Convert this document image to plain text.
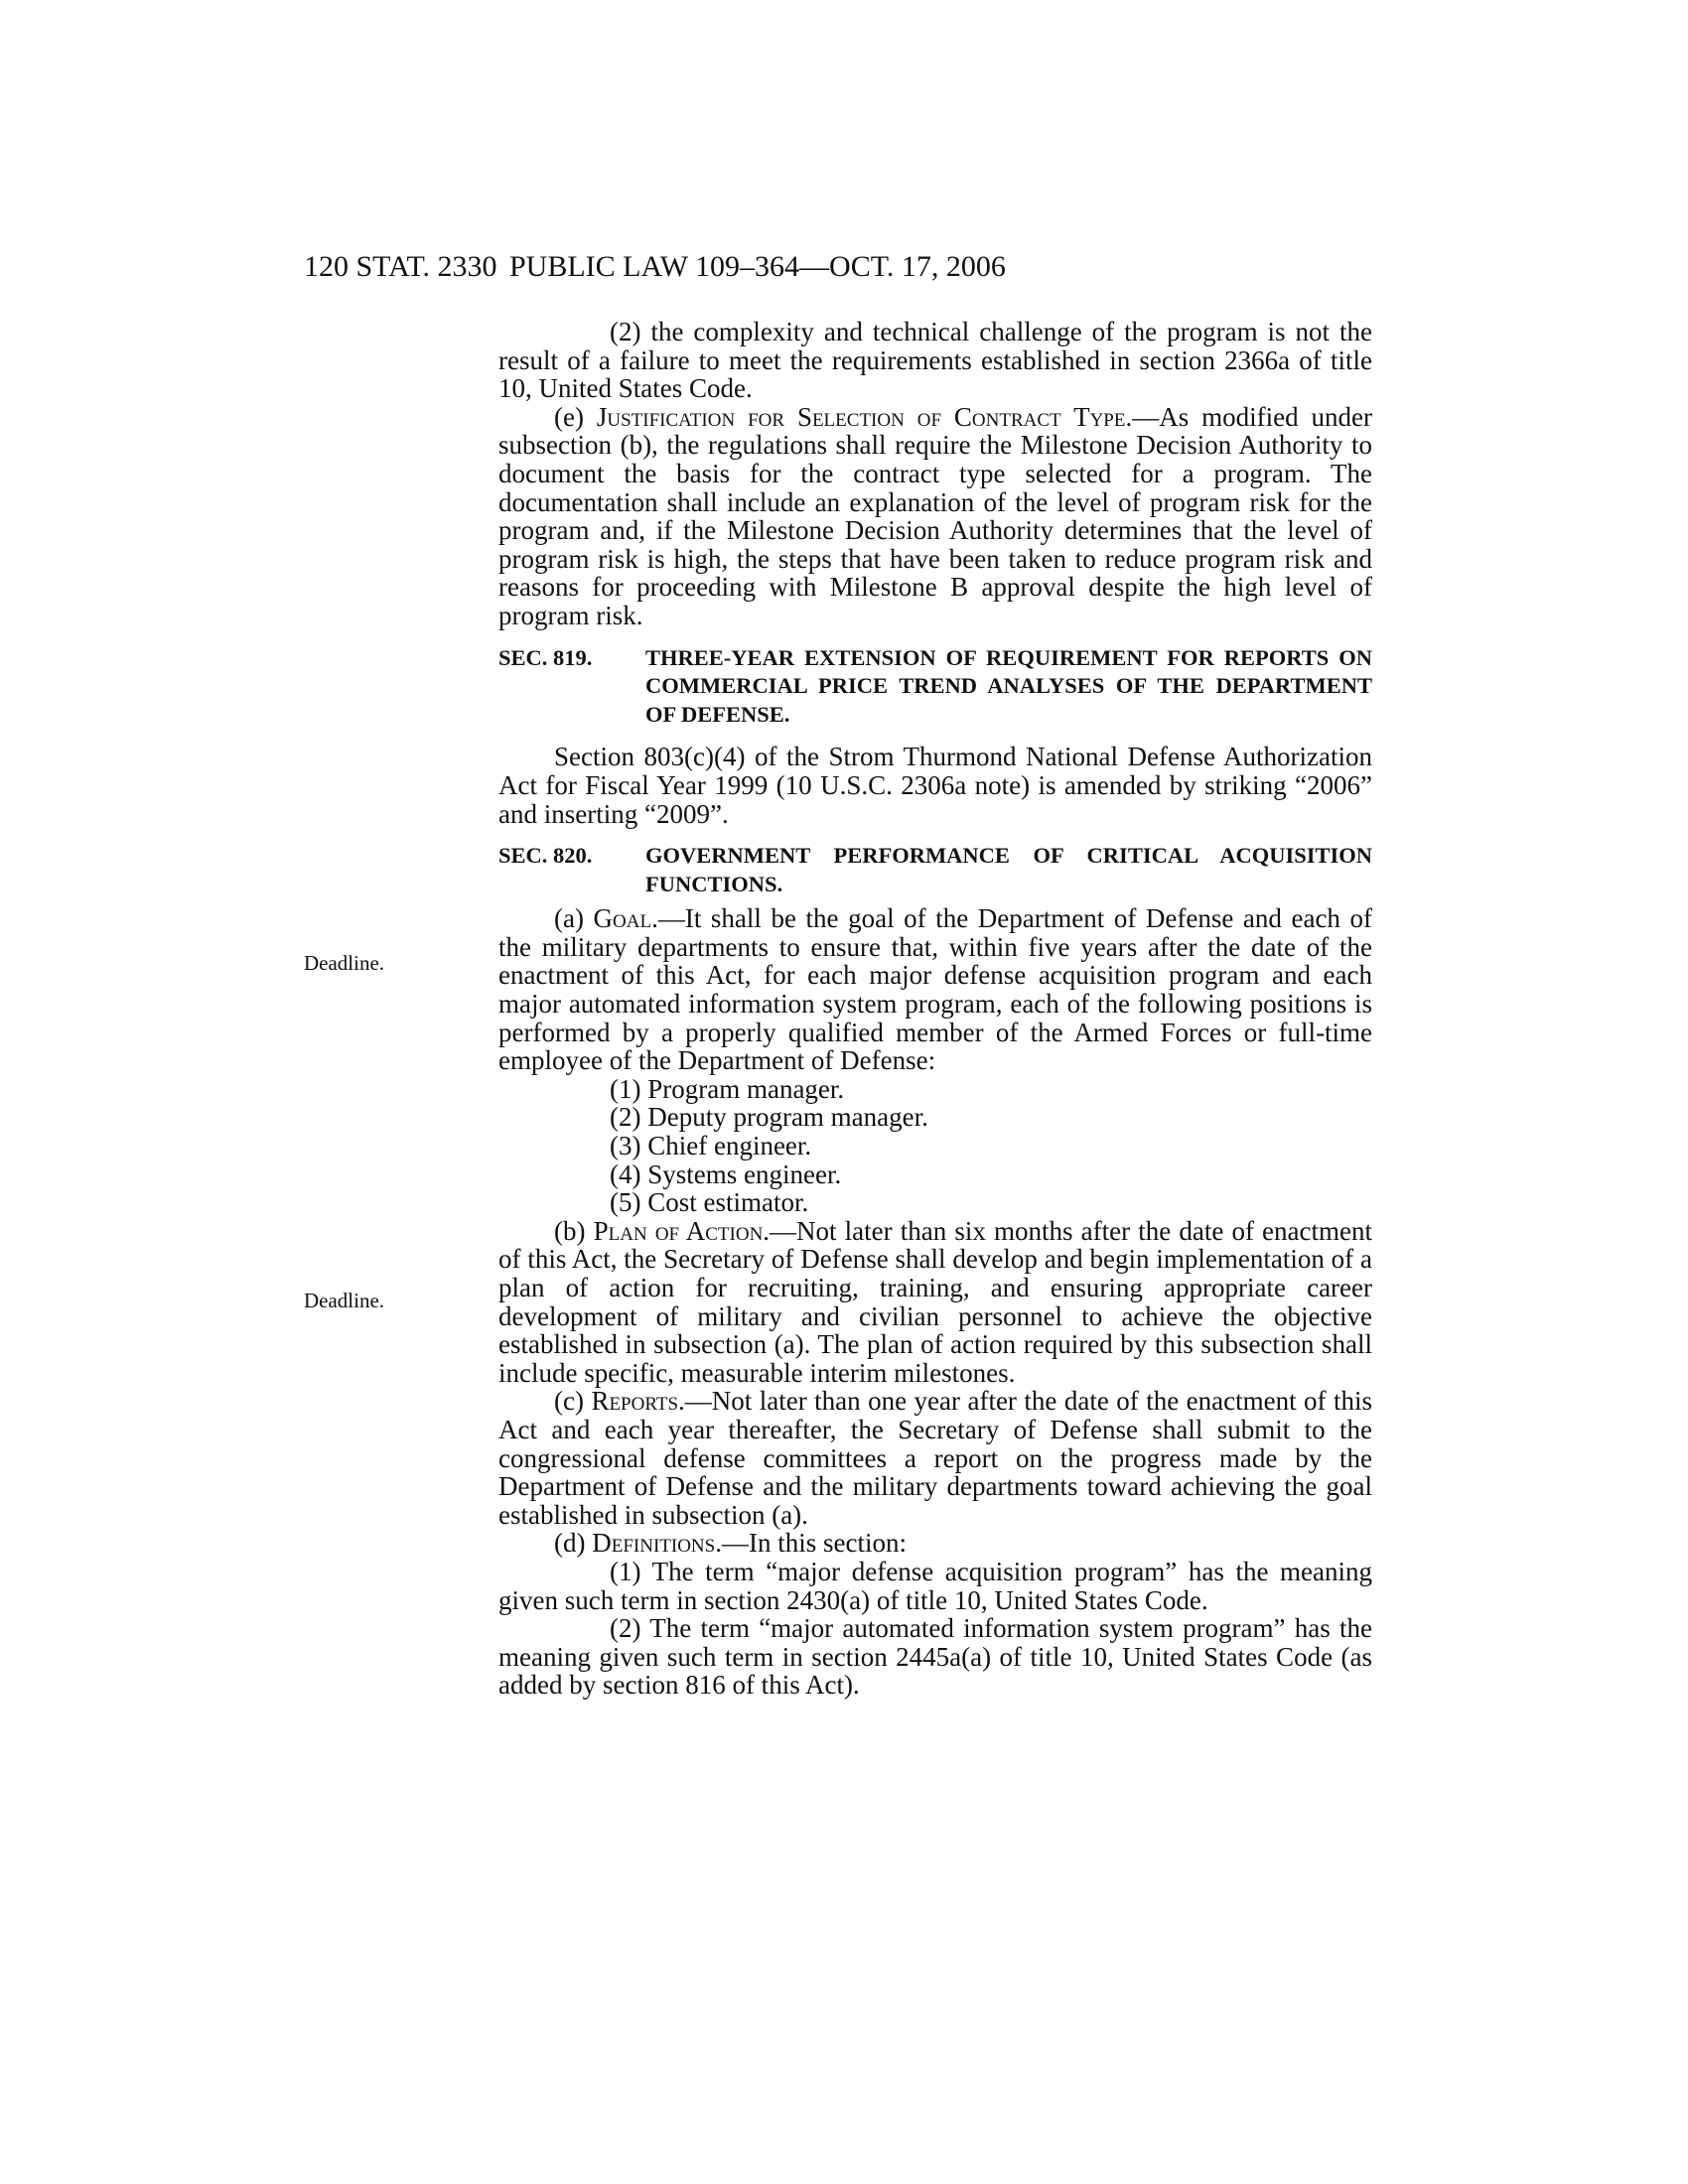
120 STAT. 2330 PUBLIC LAW 109–364—OCT. 17, 2006
Deadline.
Deadline.

(2) the complexity and technical challenge of the program is not the result of a failure to meet the requirements established in section 2366a of title 10, United States Code.

(e) Justification for Selection of Contract Type.—As modified under subsection (b), the regulations shall require the Milestone Decision Authority to document the basis for the contract type selected for a program. The documentation shall include an explanation of the level of program risk for the program and, if the Milestone Decision Authority determines that the level of program risk is high, the steps that have been taken to reduce program risk and reasons for proceeding with Milestone B approval despite the high level of program risk.

SEC. 819. THREE-YEAR EXTENSION OF REQUIREMENT FOR REPORTS ON COMMERCIAL PRICE TREND ANALYSES OF THE DEPARTMENT OF DEFENSE.

Section 803(c)(4) of the Strom Thurmond National Defense Authorization Act for Fiscal Year 1999 (10 U.S.C. 2306a note) is amended by striking “2006” and inserting “2009”.

SEC. 820. GOVERNMENT PERFORMANCE OF CRITICAL ACQUISITION FUNCTIONS.

(a) Goal.—It shall be the goal of the Department of Defense and each of the military departments to ensure that, within five years after the date of the enactment of this Act, for each major defense acquisition program and each major automated information system program, each of the following positions is performed by a properly qualified member of the Armed Forces or full-time employee of the Department of Defense:

(1) Program manager.

(2) Deputy program manager.

(3) Chief engineer.

(4) Systems engineer.

(5) Cost estimator.

(b) Plan of Action.—Not later than six months after the date of enactment of this Act, the Secretary of Defense shall develop and begin implementation of a plan of action for recruiting, training, and ensuring appropriate career development of military and civilian personnel to achieve the objective established in subsection (a). The plan of action required by this subsection shall include specific, measurable interim milestones.

(c) Reports.—Not later than one year after the date of the enactment of this Act and each year thereafter, the Secretary of Defense shall submit to the congressional defense committees a report on the progress made by the Department of Defense and the military departments toward achieving the goal established in subsection (a).

(d) Definitions.—In this section:

(1) The term “major defense acquisition program” has the meaning given such term in section 2430(a) of title 10, United States Code.

(2) The term “major automated information system program” has the meaning given such term in section 2445a(a) of title 10, United States Code (as added by section 816 of this Act).
